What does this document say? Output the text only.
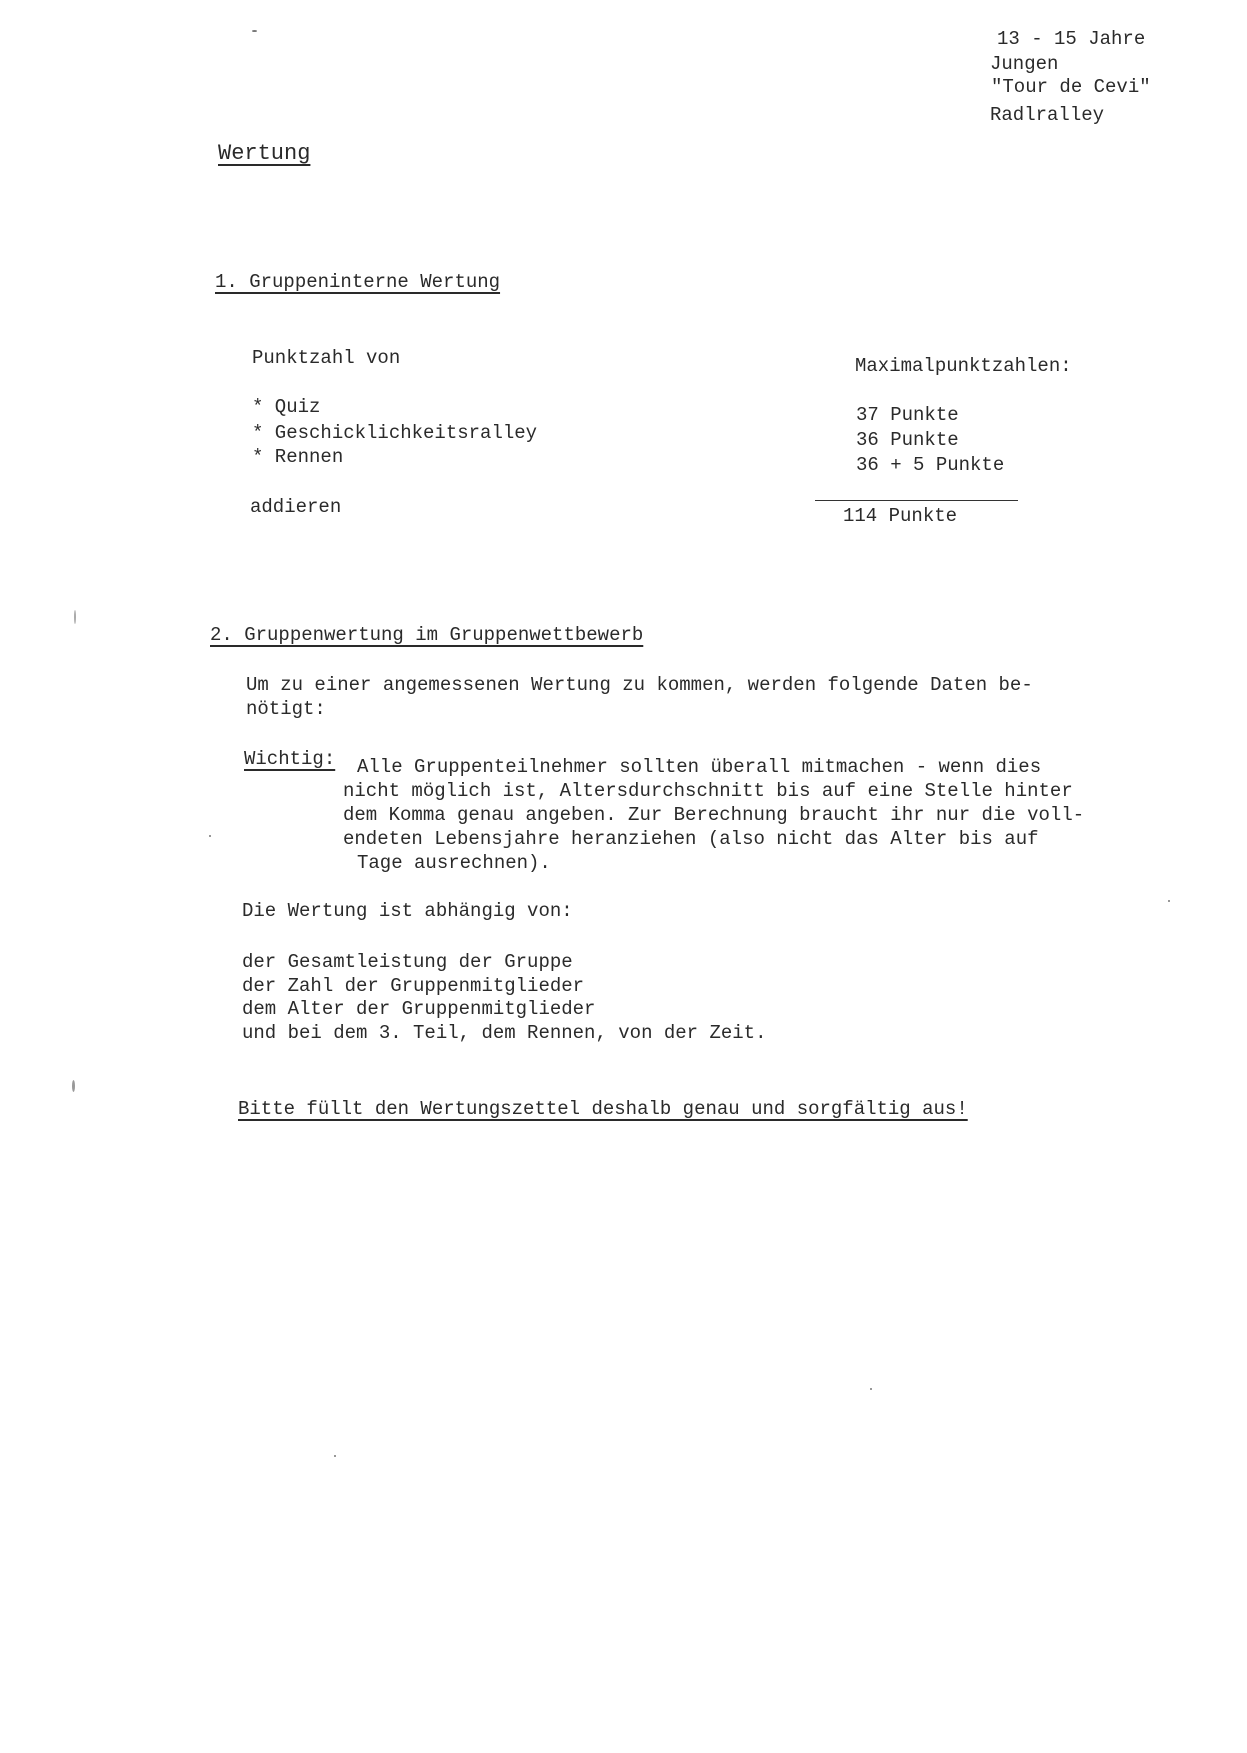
13 - 15 Jahre
Jungen
"Tour de Cevi"
Radlralley
Wertung
1. Gruppeninterne Wertung
Punktzahl von
* Quiz
* Geschicklichkeitsralley
* Rennen
addieren
Maximalpunktzahlen:
37 Punkte
36 Punkte
36 + 5 Punkte
114 Punkte
2. Gruppenwertung im Gruppenwettbewerb
Um zu einer angemessenen Wertung zu kommen, werden folgende Daten be-
nötigt:
Wichtig: Alle Gruppenteilnehmer sollten überall mitmachen - wenn dies
nicht möglich ist, Altersdurchschnitt bis auf eine Stelle hinter
dem Komma genau angeben. Zur Berechnung braucht ihr nur die voll-
endeten Lebensjahre heranziehen (also nicht das Alter bis auf
Tage ausrechnen).
Die Wertung ist abhängig von:
der Gesamtleistung der Gruppe
der Zahl der Gruppenmitglieder
dem Alter der Gruppenmitglieder
und bei dem 3. Teil, dem Rennen, von der Zeit.
Bitte füllt den Wertungszettel deshalb genau und sorgfältig aus!
